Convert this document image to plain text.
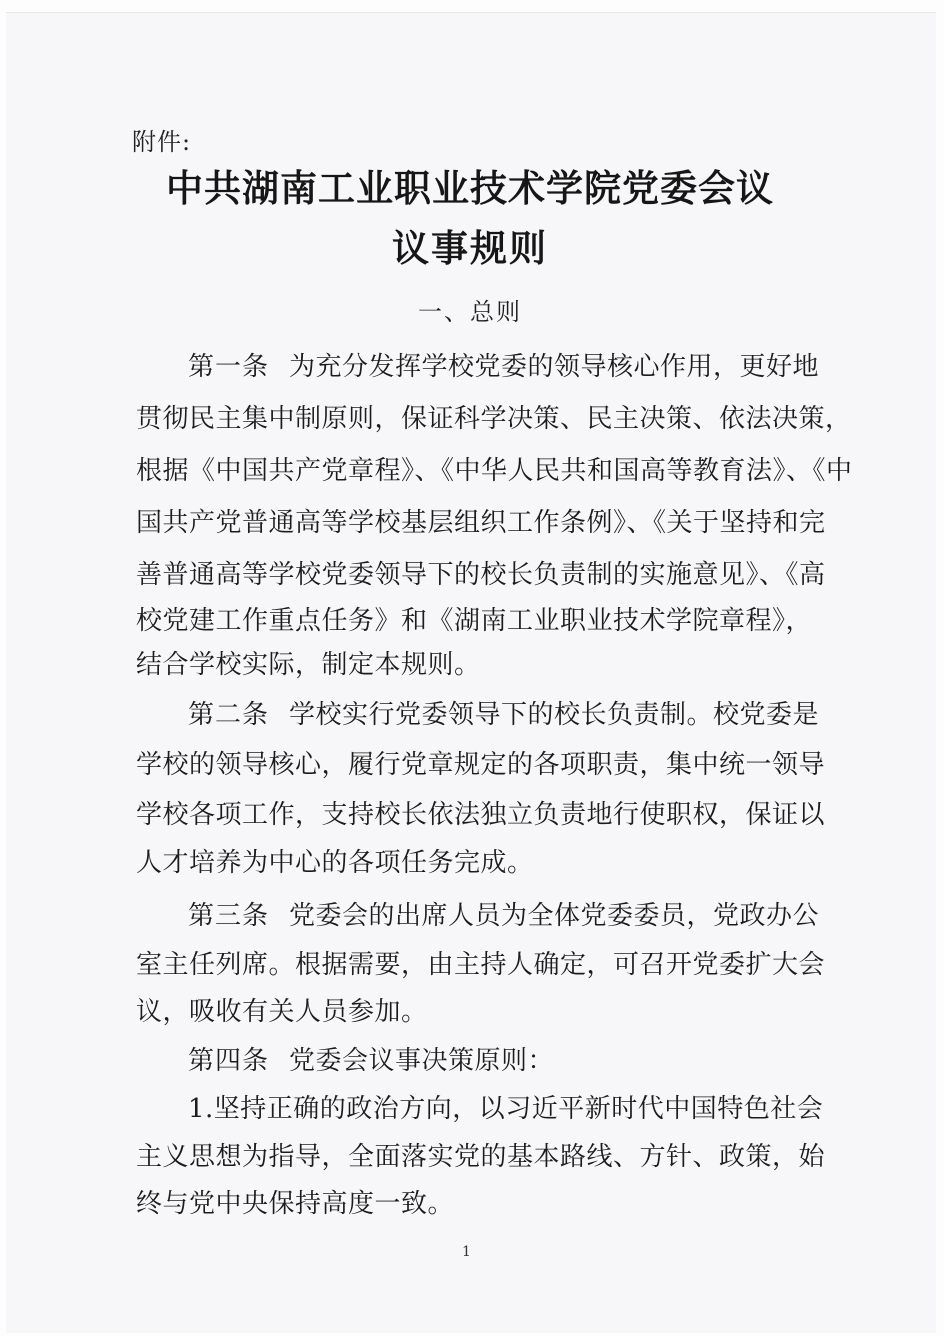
附件:
中共湖南工业职业技术学院党委会议
议事规则
一、总则
第一条 为充分发挥学校党委的领导核心作用，更好地
贯彻民主集中制原则，保证科学决策、民主决策、依法决策，
根据《中国共产党章程》、《中华人民共和国高等教育法》、《中
国共产党普通高等学校基层组织工作条例》、《关于坚持和完
善普通高等学校党委领导下的校长负责制的实施意见》、《高
校党建工作重点任务》和《湖南工业职业技术学院章程》，
结合学校实际，制定本规则。
第二条 学校实行党委领导下的校长负责制。校党委是
学校的领导核心，履行党章规定的各项职责，集中统一领导
学校各项工作，支持校长依法独立负责地行使职权，保证以
人才培养为中心的各项任务完成。
第三条 党委会的出席人员为全体党委委员，党政办公
室主任列席。根据需要，由主持人确定，可召开党委扩大会
议，吸收有关人员参加。
第四条 党委会议事决策原则：
1.坚持正确的政治方向，以习近平新时代中国特色社会
主义思想为指导，全面落实党的基本路线、方针、政策，始
终与党中央保持高度一致。
1
